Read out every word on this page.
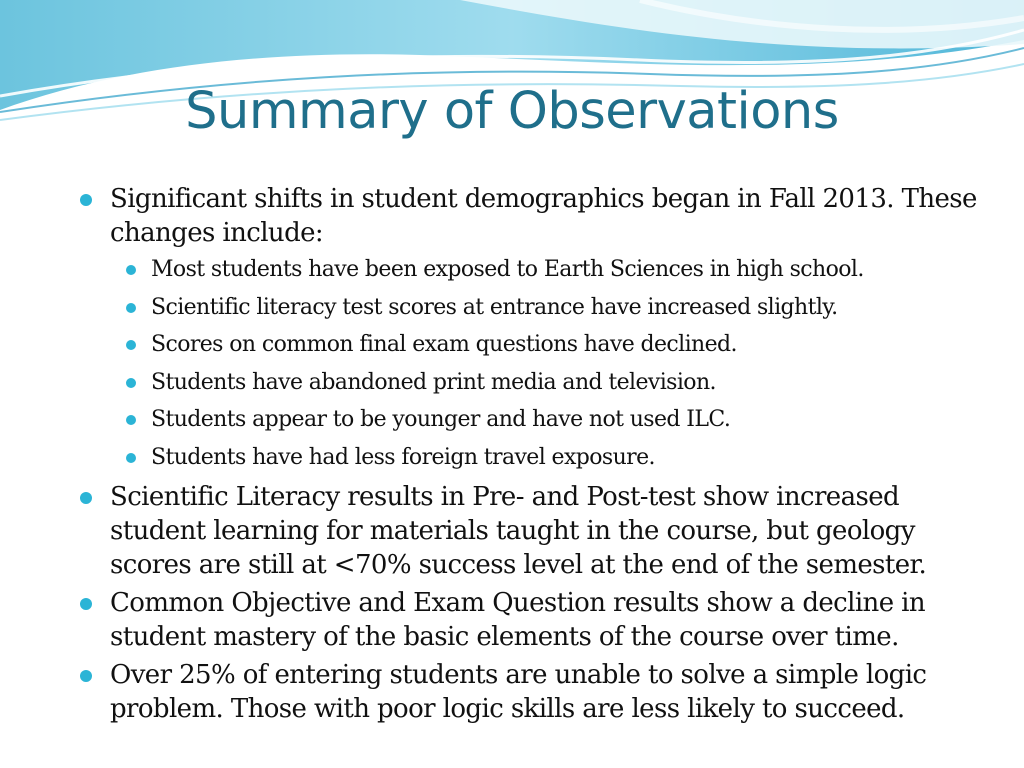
Summary of Observations
Significant shifts in student demographics began in Fall 2013. These changes include:
Most students have been exposed to Earth Sciences in high school.
Scientific literacy test scores at entrance have increased slightly.
Scores on common final exam questions have declined.
Students have abandoned print media and television.
Students appear to be younger and have not used ILC.
Students have had less foreign travel exposure.
Scientific Literacy results in Pre- and Post-test show increased student learning for materials taught in the course, but geology scores are still at <70% success level at the end of the semester.
Common Objective and Exam Question results show a decline in student mastery of the basic elements of the course over time.
Over 25% of entering students are unable to solve a simple logic problem. Those with poor logic skills are less likely to succeed.
